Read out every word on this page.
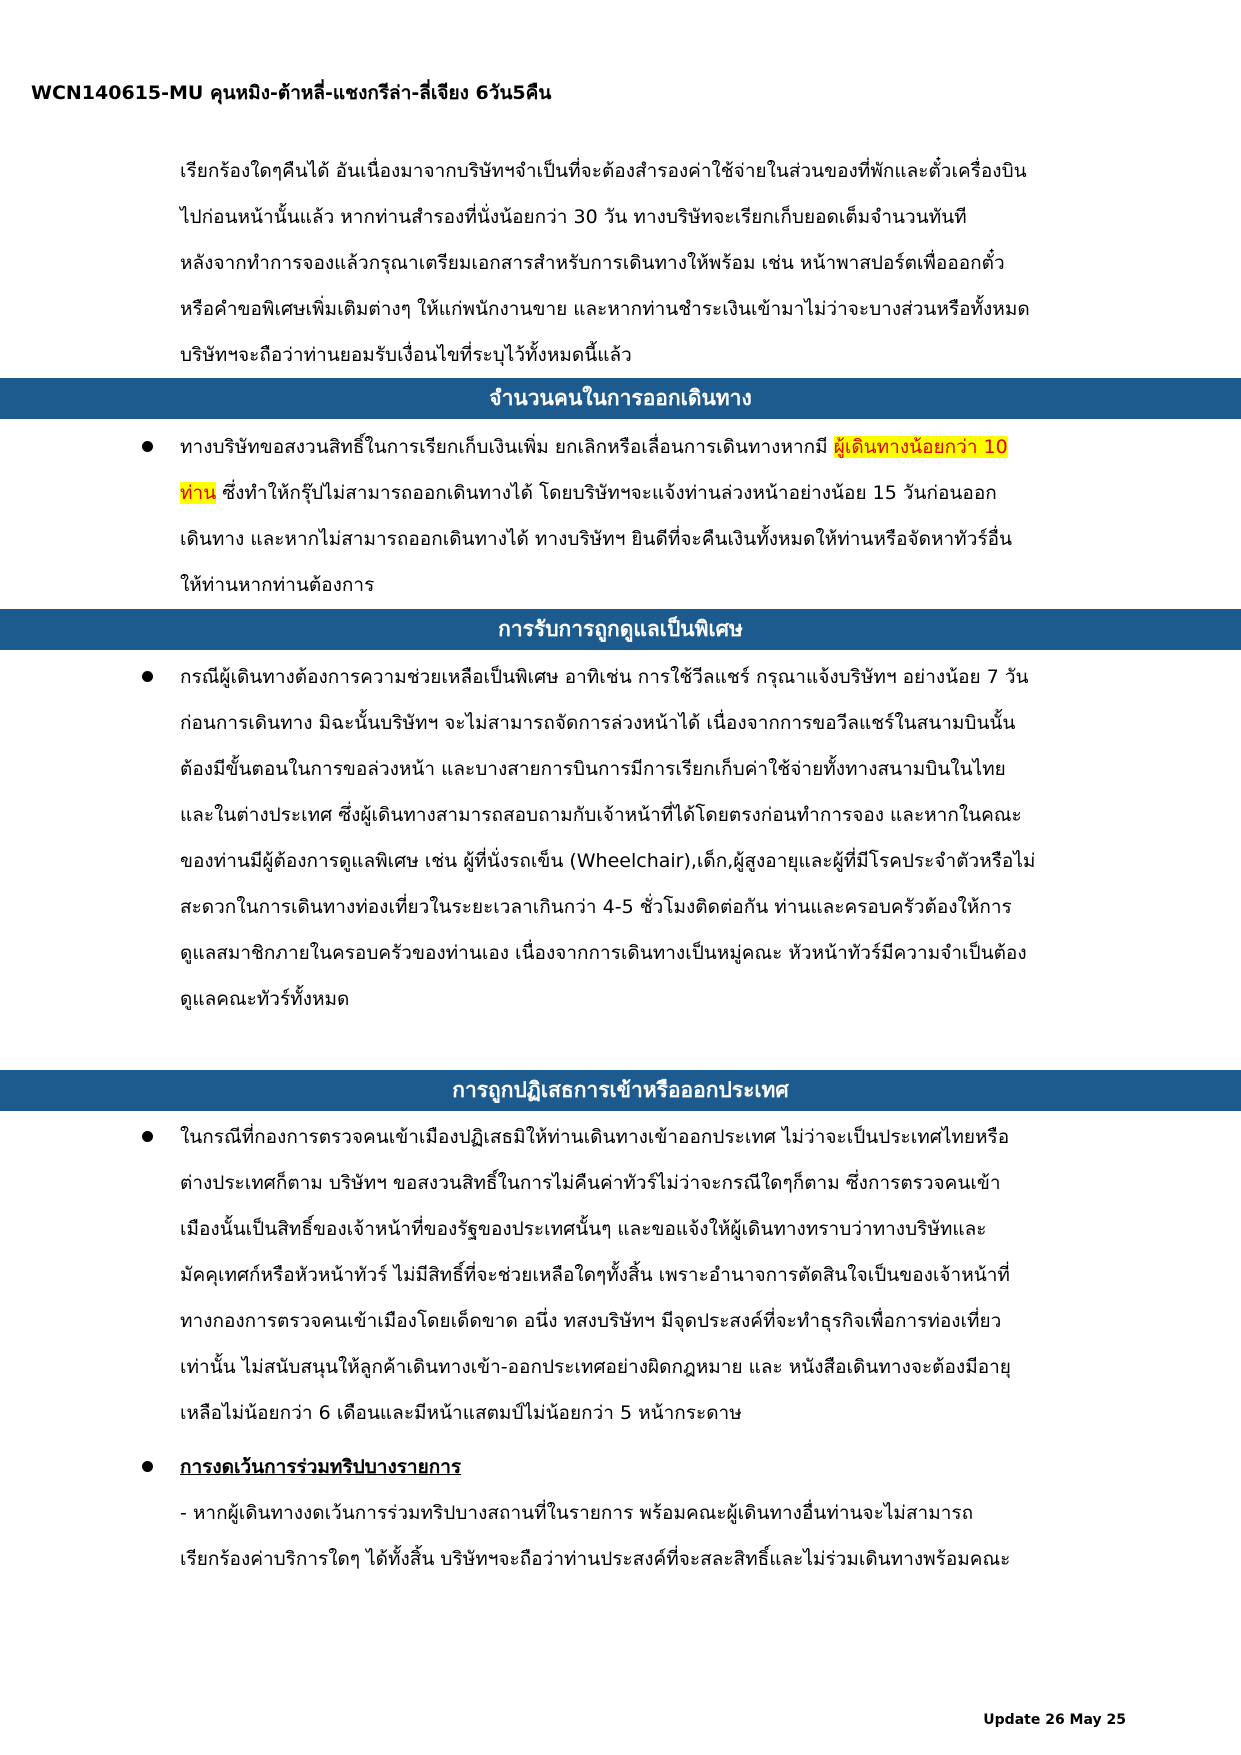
WCN140615-MU คุนหมิง-ต้าหลี่-แชงกรีล่า-ลี่เจียง 6วัน5คืน
เรียกร้องใดๆคืนได้ อันเนื่องมาจากบริษัทฯจำเป็นที่จะต้องสำรองค่าใช้จ่ายในส่วนของที่พักและตั๋วเครื่องบิน
ไปก่อนหน้านั้นแล้ว หากท่านสำรองที่นั่งน้อยกว่า 30 วัน ทางบริษัทจะเรียกเก็บยอดเต็มจำนวนทันที
หลังจากทำการจองแล้วกรุณาเตรียมเอกสารสำหรับการเดินทางให้พร้อม เช่น หน้าพาสปอร์ตเพื่อออกตั๋ว
หรือคำขอพิเศษเพิ่มเติมต่างๆ ให้แก่พนักงานขาย และหากท่านชำระเงินเข้ามาไม่ว่าจะบางส่วนหรือทั้งหมด
บริษัทฯจะถือว่าท่านยอมรับเงื่อนไขที่ระบุไว้ทั้งหมดนี้แล้ว
จำนวนคนในการออกเดินทาง
ทางบริษัทขอสงวนสิทธิ์ในการเรียกเก็บเงินเพิ่ม ยกเลิกหรือเลื่อนการเดินทางหากมี ผู้เดินทางน้อยกว่า 10
ท่าน ซึ่งทำให้กรุ๊ปไม่สามารถออกเดินทางได้ โดยบริษัทฯจะแจ้งท่านล่วงหน้าอย่างน้อย 15 วันก่อนออก
เดินทาง และหากไม่สามารถออกเดินทางได้ ทางบริษัทฯ ยินดีที่จะคืนเงินทั้งหมดให้ท่านหรือจัดหาทัวร์อื่น
ให้ท่านหากท่านต้องการ
การรับการถูกดูแลเป็นพิเศษ
กรณีผู้เดินทางต้องการความช่วยเหลือเป็นพิเศษ อาทิเช่น การใช้วีลแชร์ กรุณาแจ้งบริษัทฯ อย่างน้อย 7 วัน
ก่อนการเดินทาง มิฉะนั้นบริษัทฯ จะไม่สามารถจัดการล่วงหน้าได้ เนื่องจากการขอวีลแชร์ในสนามบินนั้น
ต้องมีขั้นตอนในการขอล่วงหน้า และบางสายการบินการมีการเรียกเก็บค่าใช้จ่ายทั้งทางสนามบินในไทย
และในต่างประเทศ ซึ่งผู้เดินทางสามารถสอบถามกับเจ้าหน้าที่ได้โดยตรงก่อนทำการจอง และหากในคณะ
ของท่านมีผู้ต้องการดูแลพิเศษ เช่น ผู้ที่นั่งรถเข็น (Wheelchair),เด็ก,ผู้สูงอายุและผู้ที่มีโรคประจำตัวหรือไม่
สะดวกในการเดินทางท่องเที่ยวในระยะเวลาเกินกว่า 4-5 ชั่วโมงติดต่อกัน ท่านและครอบครัวต้องให้การ
ดูแลสมาชิกภายในครอบครัวของท่านเอง เนื่องจากการเดินทางเป็นหมู่คณะ หัวหน้าทัวร์มีความจำเป็นต้อง
ดูแลคณะทัวร์ทั้งหมด
การถูกปฏิเสธการเข้าหรือออกประเทศ
ในกรณีที่กองการตรวจคนเข้าเมืองปฏิเสธมิให้ท่านเดินทางเข้าออกประเทศ ไม่ว่าจะเป็นประเทศไทยหรือ
ต่างประเทศก็ตาม บริษัทฯ ขอสงวนสิทธิ์ในการไม่คืนค่าทัวร์ไม่ว่าจะกรณีใดๆก็ตาม ซึ่งการตรวจคนเข้า
เมืองนั้นเป็นสิทธิ์ของเจ้าหน้าที่ของรัฐของประเทศนั้นๆ และขอแจ้งให้ผู้เดินทางทราบว่าทางบริษัทและ
มัคคุเทศก์หรือหัวหน้าทัวร์ ไม่มีสิทธิ์ที่จะช่วยเหลือใดๆทั้งสิ้น เพราะอำนาจการตัดสินใจเป็นของเจ้าหน้าที่
ทางกองการตรวจคนเข้าเมืองโดยเด็ดขาด อนึ่ง ทสงบริษัทฯ มีจุดประสงค์ที่จะทำธุรกิจเพื่อการท่องเที่ยว
เท่านั้น ไม่สนับสนุนให้ลูกค้าเดินทางเข้า-ออกประเทศอย่างผิดกฎหมาย และ หนังสือเดินทางจะต้องมีอายุ
เหลือไม่น้อยกว่า 6 เดือนและมีหน้าแสตมป์ไม่น้อยกว่า 5 หน้ากระดาษ
การงดเว้นการร่วมทริปบางรายการ
- หากผู้เดินทางงดเว้นการร่วมทริปบางสถานที่ในรายการ พร้อมคณะผู้เดินทางอื่นท่านจะไม่สามารถ
เรียกร้องค่าบริการใดๆ ได้ทั้งสิ้น บริษัทฯจะถือว่าท่านประสงค์ที่จะสละสิทธิ์และไม่ร่วมเดินทางพร้อมคณะ
Update 26 May 25
